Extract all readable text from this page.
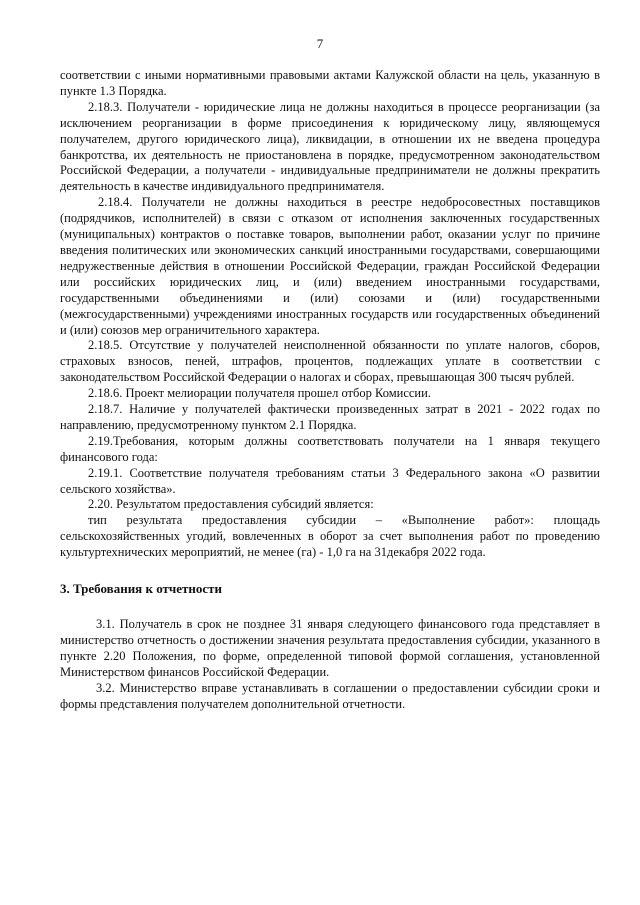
7

соответствии с иными нормативными правовыми актами Калужской области на цель, указанную в пункте 1.3 Порядка.

2.18.3. Получатели - юридические лица не должны находиться в процессе реорганизации (за исключением реорганизации в форме присоединения к юридическому лицу, являющемуся получателем, другого юридического лица), ликвидации, в отношении их не введена процедура банкротства, их деятельность не приостановлена в порядке, предусмотренном законодательством Российской Федерации, а получатели - индивидуальные предприниматели не должны прекратить деятельность в качестве индивидуального предпринимателя.

2.18.4. Получатели не должны находиться в реестре недобросовестных поставщиков (подрядчиков, исполнителей) в связи с отказом от исполнения заключенных государственных (муниципальных) контрактов о поставке товаров, выполнении работ, оказании услуг по причине введения политических или экономических санкций иностранными государствами, совершающими недружественные действия в отношении Российской Федерации, граждан Российской Федерации или российских юридических лиц, и (или) введением иностранными государствами, государственными объединениями и (или) союзами и (или) государственными (межгосударственными) учреждениями иностранных государств или государственных объединений и (или) союзов мер ограничительного характера.

2.18.5. Отсутствие у получателей неисполненной обязанности по уплате налогов, сборов, страховых взносов, пеней, штрафов, процентов, подлежащих уплате в соответствии с законодательством Российской Федерации о налогах и сборах, превышающая 300 тысяч рублей.

2.18.6. Проект мелиорации получателя прошел отбор Комиссии.

2.18.7. Наличие у получателей фактически произведенных затрат в 2021 - 2022 годах по направлению, предусмотренному пунктом 2.1 Порядка.

2.19.Требования, которым должны соответствовать получатели на 1 января текущего финансового года:

2.19.1. Соответствие получателя требованиям статьи 3 Федерального закона «О развитии сельского хозяйства».

2.20. Результатом предоставления субсидий является:

тип результата предоставления субсидии – «Выполнение работ»: площадь сельскохозяйственных угодий, вовлеченных в оборот за счет выполнения работ по проведению культуртехнических мероприятий, не менее (га) - 1,0 га на 31декабря 2022 года.

3. Требования к отчетности

3.1. Получатель в срок не позднее 31 января следующего финансового года представляет в министерство отчетность о достижении значения результата предоставления субсидии, указанного в пункте 2.20 Положения, по форме, определенной типовой формой соглашения, установленной Министерством финансов Российской Федерации.

3.2. Министерство вправе устанавливать в соглашении о предоставлении субсидии сроки и формы представления получателем дополнительной отчетности.
